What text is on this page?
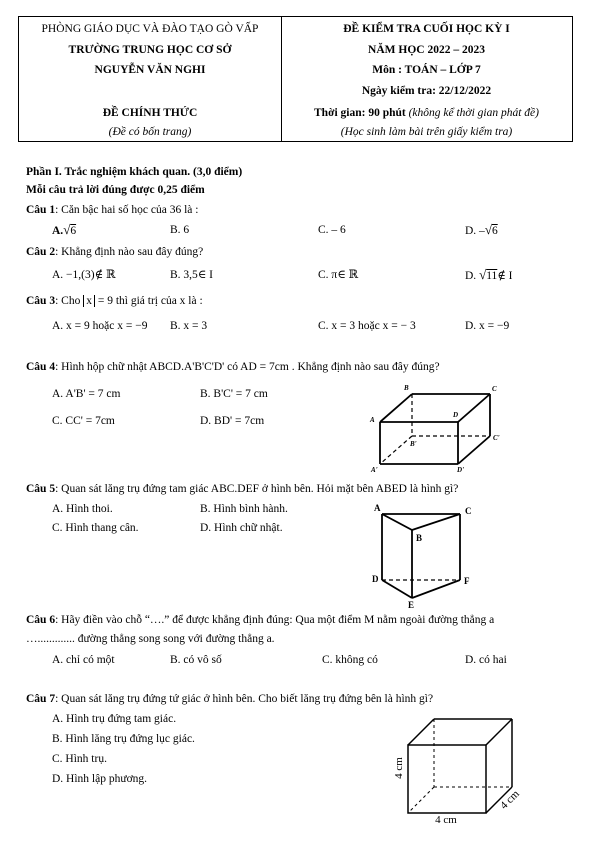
PHÒNG GIÁO DỤC VÀ ĐÀO TẠO GÒ VẤP
TRƯỜNG TRUNG HỌC CƠ SỞ
NGUYỄN VĂN NGHI
ĐỀ CHÍNH THỨC
(Đề có bốn trang)
ĐỀ KIỂM TRA CUỐI HỌC KỲ I
NĂM HỌC 2022 – 2023
Môn : TOÁN – LỚP 7
Ngày kiểm tra: 22/12/2022
Thời gian: 90 phút (không kể thời gian phát đề)
(Học sinh làm bài trên giấy kiểm tra)
Phần I. Trắc nghiệm khách quan. (3,0 điểm)
Mỗi câu trả lời đúng được 0,25 điểm
Câu 1: Căn bậc hai số học của 36 là :
A.√6	B. 6	C. – 6	D. –√6
Câu 2: Khẳng định nào sau đây đúng?
A. −1,(3)∉ ℝ	B. 3,5∈ I	C. π∈ ℝ	D. √11∉ I
Câu 3: Cho x = 9 thì giá trị của x là :
A. x = 9 hoặc x = −9 B. x = 3	C. x = 3 hoặc x = − 3	D. x = −9
Câu 4: Hình hộp chữ nhật ABCD.A'B'C'D' có AD = 7cm . Khẳng định nào sau đây đúng?
A. A'B' = 7 cm	B. B'C' = 7 cm
C. CC' = 7cm	D. BD' = 7cm
B	C
A
D
B'
C'
A'	D'
Câu 5: Quan sát lăng trụ đứng tam giác ABC.DEF ở hình bên. Hỏi mặt bên ABED là hình gì?
A. Hình thoi.	B. Hình bình hành.
C. Hình thang cân.	D. Hình chữ nhật.
A	C
B
D	F
E
Câu 6: Hãy điền vào chỗ “….” để được khẳng định đúng: Qua một điểm M nằm ngoài đường thẳng a
…............. đường thẳng song song với đường thẳng a.
A. chỉ có một	B. có vô số	C. không có	D. có hai
Câu 7: Quan sát lăng trụ đứng tứ giác ở hình bên. Cho biết lăng trụ đứng bên là hình gì?
A. Hình trụ đứng tam giác.
B. Hình lăng trụ đứng lục giác.
C. Hình trụ.
D. Hình lập phương.
4 cm
4 cm
4 cm
